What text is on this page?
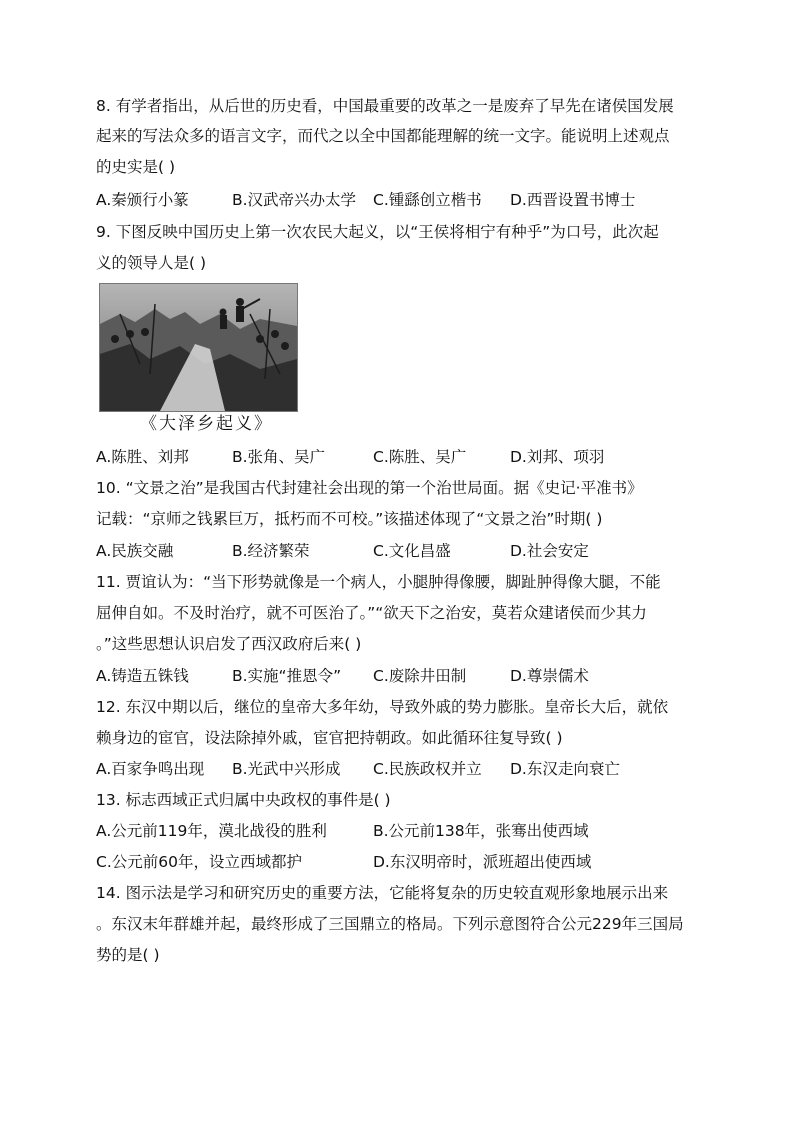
8. 有学者指出，从后世的历史看，中国最重要的改革之一是废弃了早先在诸侯国发展
起来的写法众多的语言文字，而代之以全中国都能理解的统一文字。能说明上述观点
的史实是( )
A.秦颁行小篆	B.汉武帝兴办太学 C.锺繇创立楷书 D.西晋设置书博士
9. 下图反映中国历史上第一次农民大起义，以“王侯将相宁有种乎”为口号，此次起
义的领导人是( )
《大泽乡起义》
A.陈胜、刘邦	B.张角、吴广	C.陈胜、吴广	D.刘邦、项羽
10. “文景之治”是我国古代封建社会出现的第一个治世局面。据《史记·平准书》
记载：“京师之钱累巨万，抵朽而不可校。”该描述体现了“文景之治”时期( )
A.民族交融	B.经济繁荣	C.文化昌盛	D.社会安定
11. 贾谊认为：“当下形势就像是一个病人，小腿肿得像腰，脚趾肿得像大腿，不能
屈伸自如。不及时治疗，就不可医治了。”“欲天下之治安，莫若众建诸侯而少其力
。”这些思想认识启发了西汉政府后来( )
A.铸造五铢钱	B.实施“推恩令” C.废除井田制	D.尊崇儒术
12. 东汉中期以后，继位的皇帝大多年幼，导致外戚的势力膨胀。皇帝长大后，就依
赖身边的宦官，设法除掉外戚，宦官把持朝政。如此循环往复导致( )
A.百家争鸣出现 B.光武中兴形成 C.民族政权并立 D.东汉走向衰亡
13. 标志西域正式归属中央政权的事件是( )
A.公元前119年，漠北战役的胜利	B.公元前138年，张骞出使西域
C.公元前60年，设立西域都护	D.东汉明帝时，派班超出使西域
14. 图示法是学习和研究历史的重要方法，它能将复杂的历史较直观形象地展示出来
。东汉末年群雄并起，最终形成了三国鼎立的格局。下列示意图符合公元229年三国局
势的是( )
